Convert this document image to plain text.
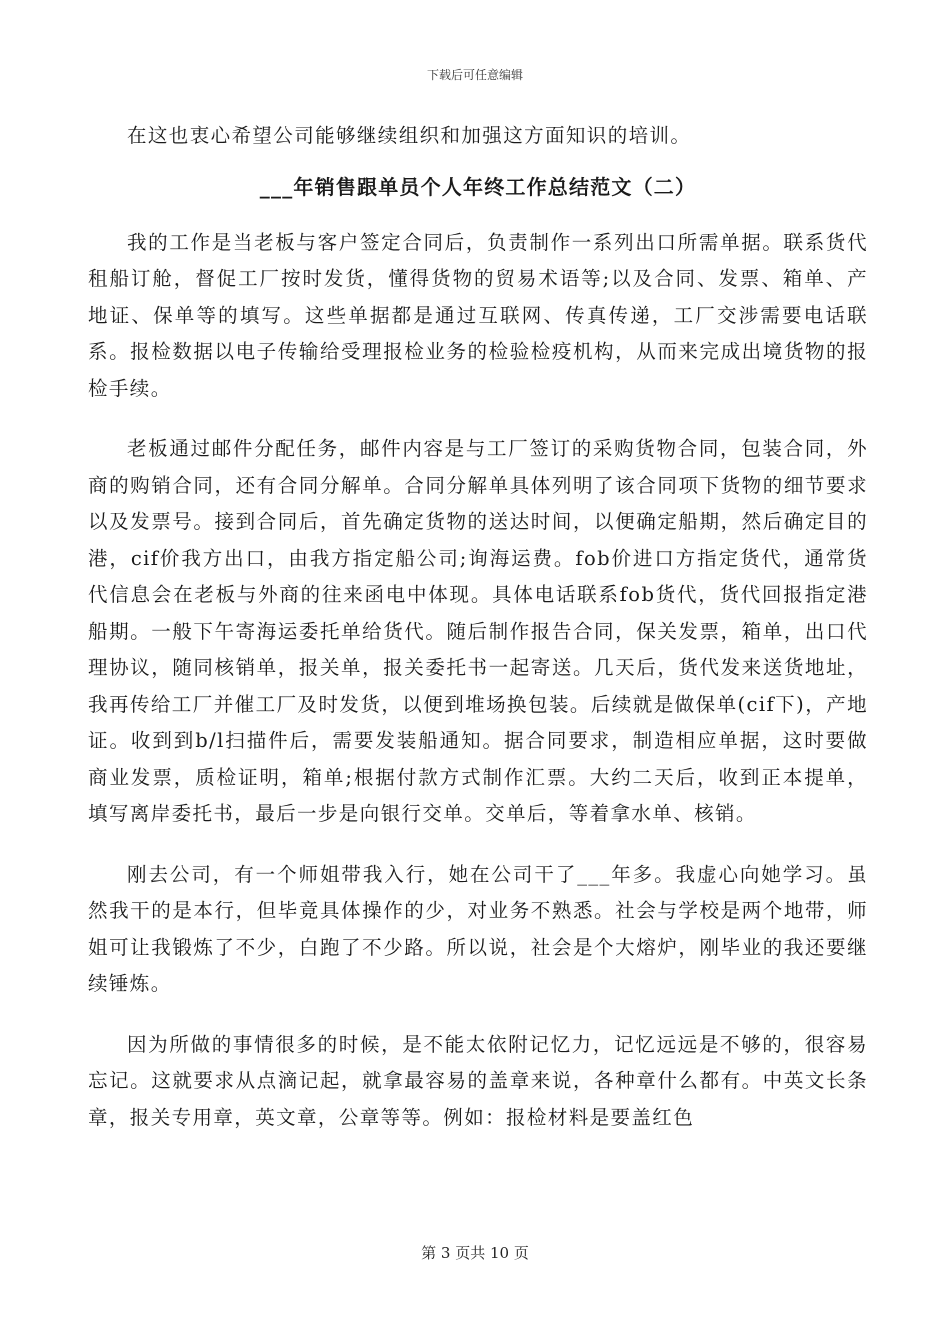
下载后可任意编辑

在这也衷心希望公司能够继续组织和加强这方面知识的培训。

___年销售跟单员个人年终工作总结范文（二）

我的工作是当老板与客户签定合同后，负责制作一系列出口所需单据。联系货代租船订舱，督促工厂按时发货，懂得货物的贸易术语等;以及合同、发票、箱单、产地证、保单等的填写。这些单据都是通过互联网、传真传递，工厂交涉需要电话联系。报检数据以电子传输给受理报检业务的检验检疫机构，从而来完成出境货物的报检手续。

老板通过邮件分配任务，邮件内容是与工厂签订的采购货物合同，包装合同，外商的购销合同，还有合同分解单。合同分解单具体列明了该合同项下货物的细节要求以及发票号。接到合同后，首先确定货物的送达时间，以便确定船期，然后确定目的港，cif价我方出口，由我方指定船公司;询海运费。fob价进口方指定货代，通常货代信息会在老板与外商的往来函电中体现。具体电话联系fob货代，货代回报指定港船期。一般下午寄海运委托单给货代。随后制作报告合同，保关发票，箱单，出口代理协议，随同核销单，报关单，报关委托书一起寄送。几天后，货代发来送货地址，我再传给工厂并催工厂及时发货，以便到堆场换包装。后续就是做保单(cif下)，产地证。收到到b/l扫描件后，需要发装船通知。据合同要求，制造相应单据，这时要做商业发票，质检证明，箱单;根据付款方式制作汇票。大约二天后，收到正本提单，填写离岸委托书，最后一步是向银行交单。交单后，等着拿水单、核销。

刚去公司，有一个师姐带我入行，她在公司干了___年多。我虚心向她学习。虽然我干的是本行，但毕竟具体操作的少，对业务不熟悉。社会与学校是两个地带，师姐可让我锻炼了不少，白跑了不少路。所以说，社会是个大熔炉，刚毕业的我还要继续锤炼。

因为所做的事情很多的时候，是不能太依附记忆力，记忆远远是不够的，很容易忘记。这就要求从点滴记起，就拿最容易的盖章来说，各种章什么都有。中英文长条章，报关专用章，英文章，公章等等。例如：报检材料是要盖红色

第 3 页共 10 页
